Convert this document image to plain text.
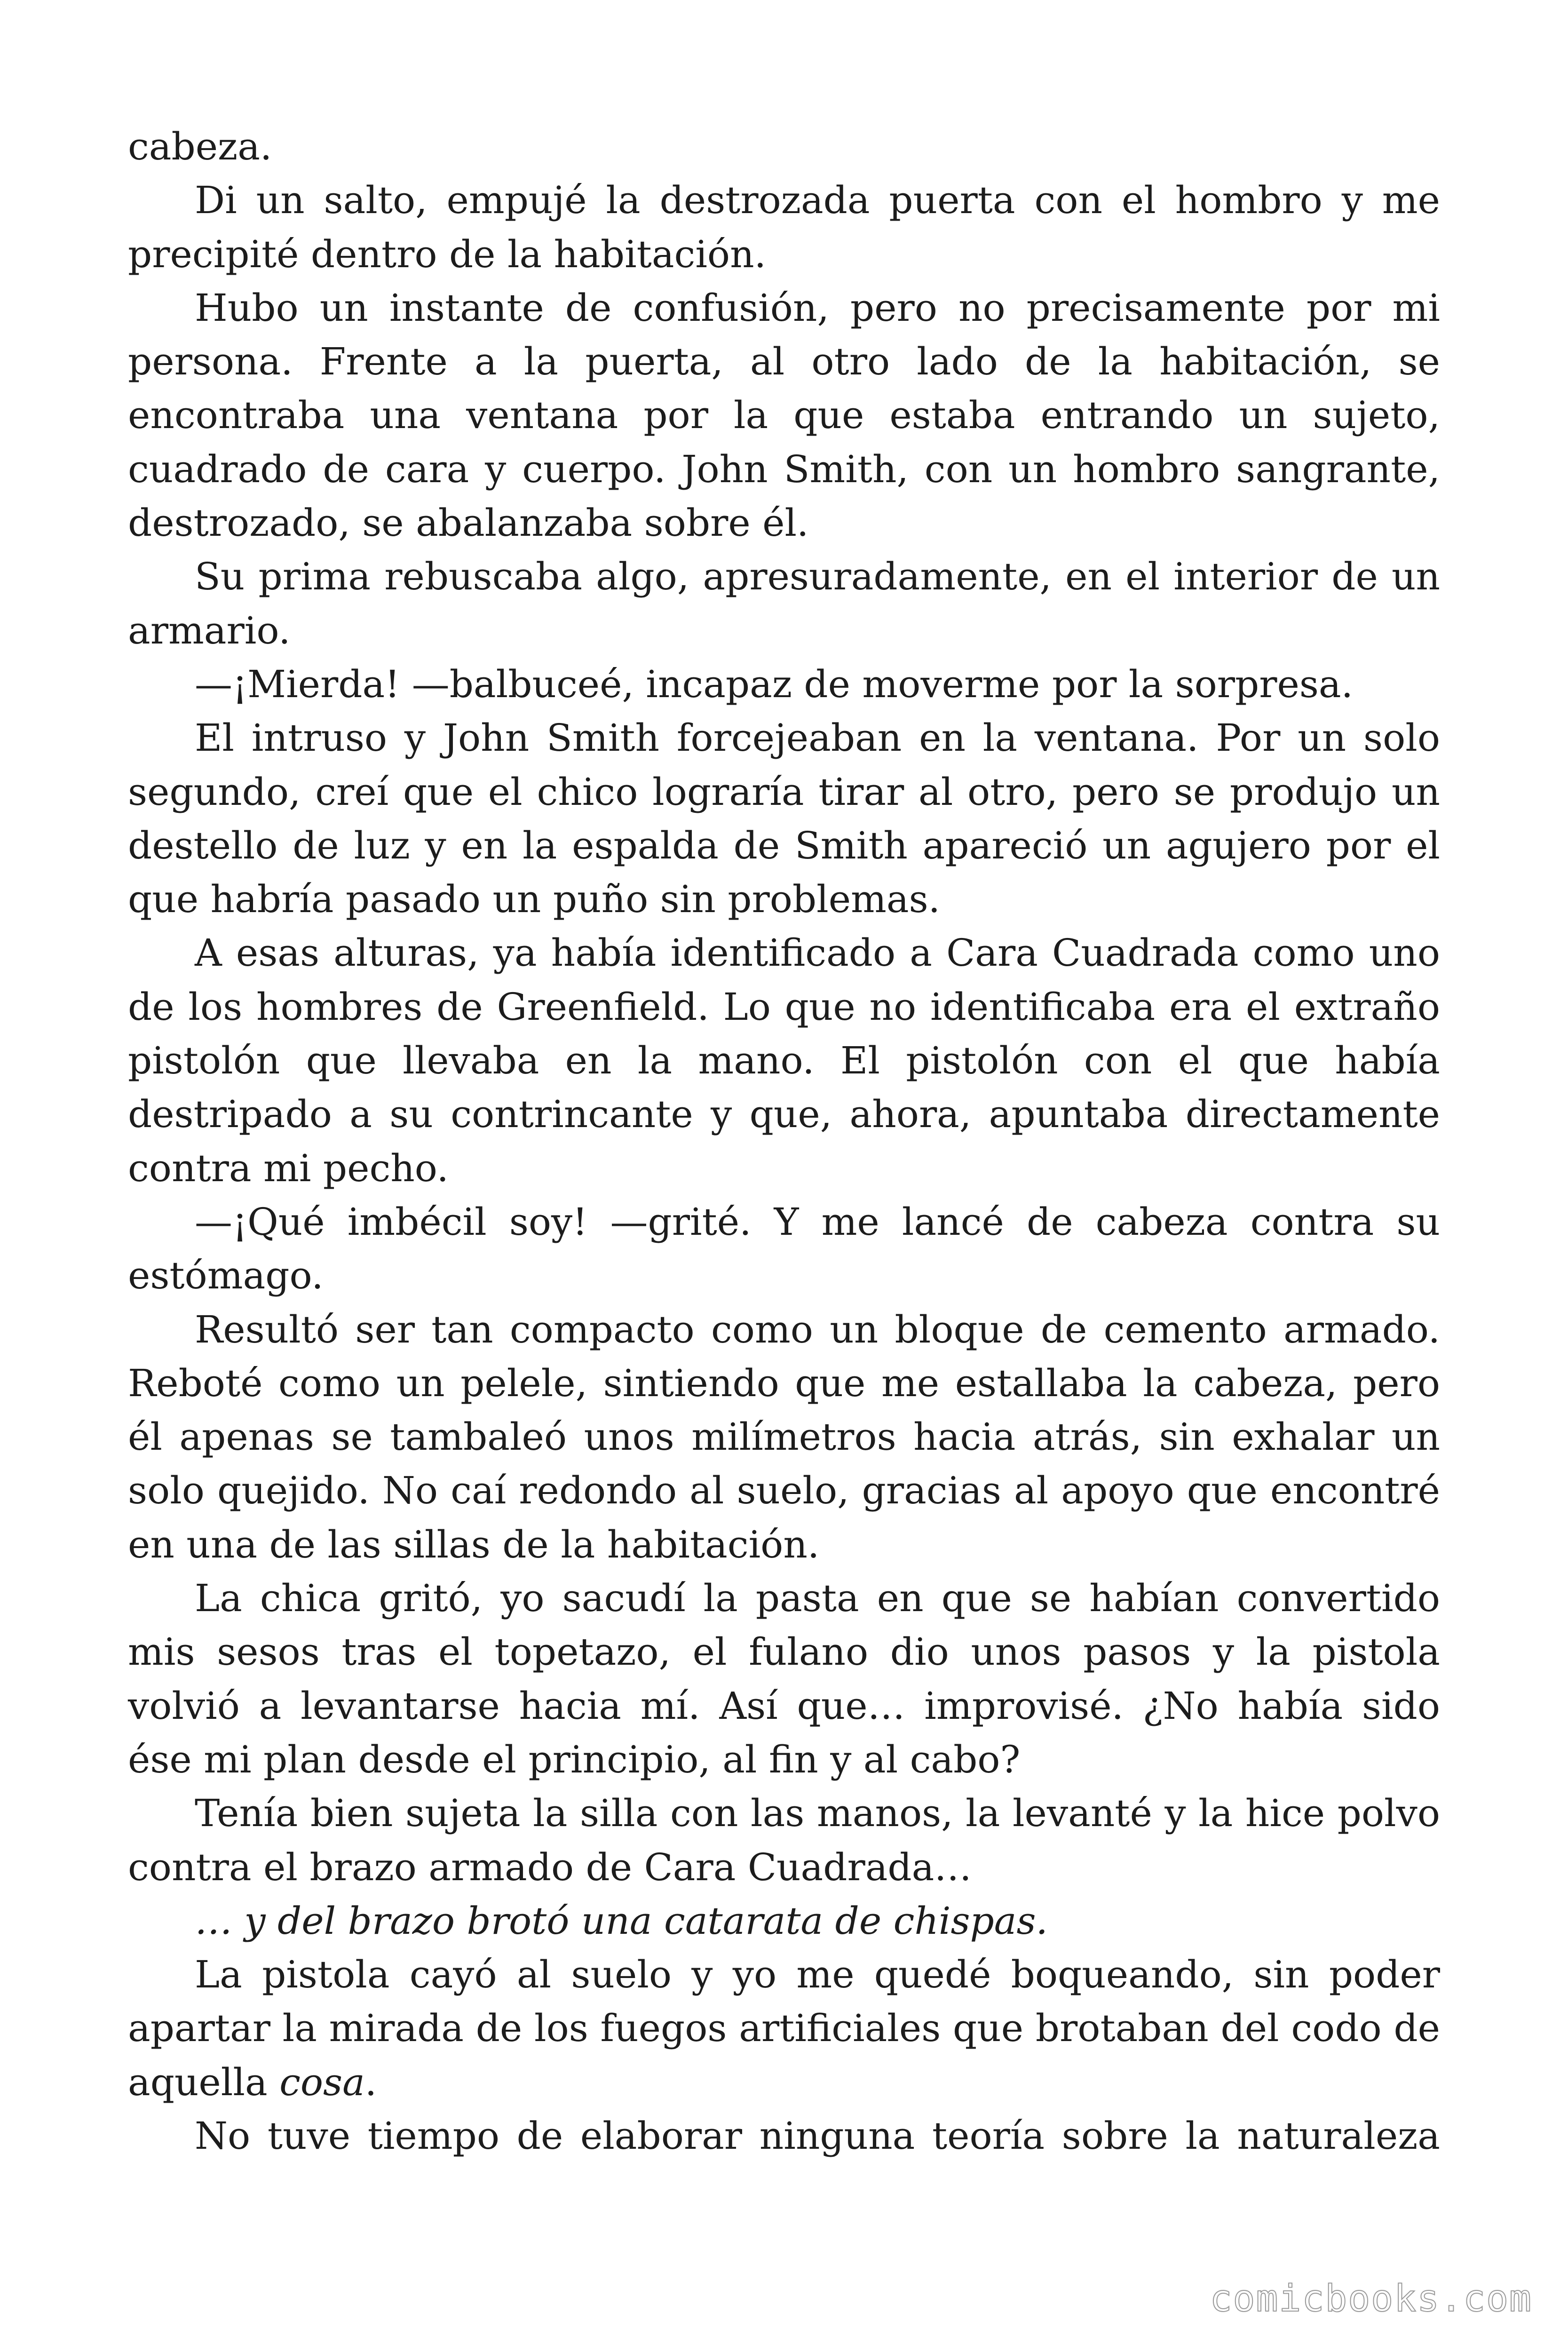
cabeza.

Di un salto, empujé la destrozada puerta con el hombro y me precipité dentro de la habitación.

Hubo un instante de confusión, pero no precisamente por mi persona. Frente a la puerta, al otro lado de la habitación, se encontraba una ventana por la que estaba entrando un sujeto, cuadrado de cara y cuerpo. John Smith, con un hombro sangrante, destrozado, se abalanzaba sobre él.

Su prima rebuscaba algo, apresuradamente, en el interior de un armario.

—¡Mierda! —balbuceé, incapaz de moverme por la sorpresa.

El intruso y John Smith forcejeaban en la ventana. Por un solo segundo, creí que el chico lograría tirar al otro, pero se produjo un destello de luz y en la espalda de Smith apareció un agujero por el que habría pasado un puño sin problemas.

A esas alturas, ya había identificado a Cara Cuadrada como uno de los hombres de Greenfield. Lo que no identificaba era el extraño pistolón que llevaba en la mano. El pistolón con el que había destripado a su contrincante y que, ahora, apuntaba directamente contra mi pecho.

—¡Qué imbécil soy! —grité. Y me lancé de cabeza contra su estómago.

Resultó ser tan compacto como un bloque de cemento armado. Reboté como un pelele, sintiendo que me estallaba la cabeza, pero él apenas se tambaleó unos milímetros hacia atrás, sin exhalar un solo quejido. No caí redondo al suelo, gracias al apoyo que encontré en una de las sillas de la habitación.

La chica gritó, yo sacudí la pasta en que se habían convertido mis sesos tras el topetazo, el fulano dio unos pasos y la pistola volvió a levantarse hacia mí. Así que… improvisé. ¿No había sido ése mi plan desde el principio, al fin y al cabo?

Tenía bien sujeta la silla con las manos, la levanté y la hice polvo contra el brazo armado de Cara Cuadrada…

… y del brazo brotó una catarata de chispas.

La pistola cayó al suelo y yo me quedé boqueando, sin poder apartar la mirada de los fuegos artificiales que brotaban del codo de aquella cosa.

No tuve tiempo de elaborar ninguna teoría sobre la naturaleza

comicbooks.com
